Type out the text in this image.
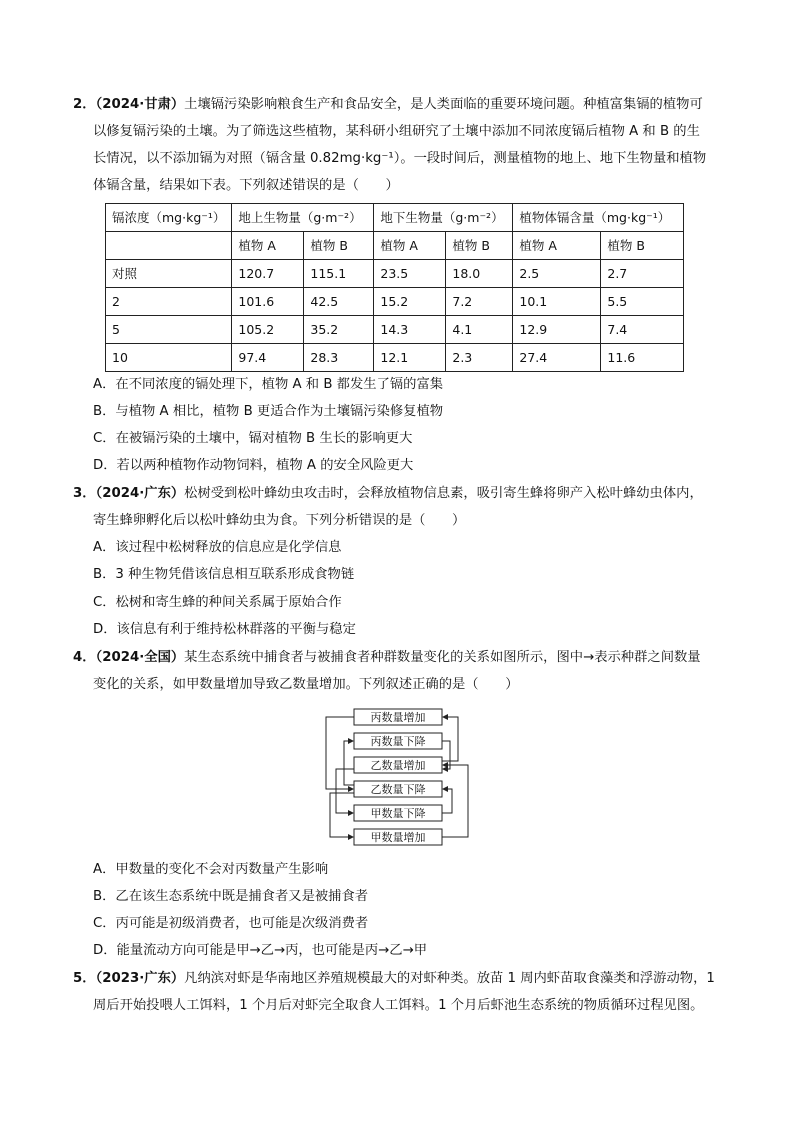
2．（2024·甘肃）土壤镉污染影响粮食生产和食品安全，是人类面临的重要环境问题。种植富集镉的植物可
以修复镉污染的土壤。为了筛选这些植物，某科研小组研究了土壤中添加不同浓度镉后植物 A 和 B 的生
长情况，以不添加镉为对照（镉含量 0.82mg·kg⁻¹）。一段时间后，测量植物的地上、地下生物量和植物
体镉含量，结果如下表。下列叙述错误的是（　　）
镉浓度（mg·kg⁻¹）	地上生物量（g·m⁻²）		地下生物量（g·m⁻²）		植物体镉含量（mg·kg⁻¹）	
	植物 A	植物 B	植物 A	植物 B	植物 A	植物 B
对照	120.7	115.1	23.5	18.0	2.5	2.7
2	101.6	42.5	15.2	7.2	10.1	5.5
5	105.2	35.2	14.3	4.1	12.9	7.4
10	97.4	28.3	12.1	2.3	27.4	11.6
A．在不同浓度的镉处理下，植物 A 和 B 都发生了镉的富集
B．与植物 A 相比，植物 B 更适合作为土壤镉污染修复植物
C．在被镉污染的土壤中，镉对植物 B 生长的影响更大
D．若以两种植物作动物饲料，植物 A 的安全风险更大
3．（2024·广东）松树受到松叶蜂幼虫攻击时，会释放植物信息素，吸引寄生蜂将卵产入松叶蜂幼虫体内，
寄生蜂卵孵化后以松叶蜂幼虫为食。下列分析错误的是（　　）
A．该过程中松树释放的信息应是化学信息
B．3 种生物凭借该信息相互联系形成食物链
C．松树和寄生蜂的种间关系属于原始合作
D．该信息有利于维持松林群落的平衡与稳定
4．（2024·全国）某生态系统中捕食者与被捕食者种群数量变化的关系如图所示，图中→表示种群之间数量
变化的关系，如甲数量增加导致乙数量增加。下列叙述正确的是（　　）
丙数量增加
丙数量下降
乙数量增加
乙数量下降
甲数量下降
甲数量增加
A．甲数量的变化不会对丙数量产生影响
B．乙在该生态系统中既是捕食者又是被捕食者
C．丙可能是初级消费者，也可能是次级消费者
D．能量流动方向可能是甲→乙→丙，也可能是丙→乙→甲
5．（2023·广东）凡纳滨对虾是华南地区养殖规模最大的对虾种类。放苗 1 周内虾苗取食藻类和浮游动物，1
周后开始投喂人工饵料，1 个月后对虾完全取食人工饵料。1 个月后虾池生态系统的物质循环过程见图。
